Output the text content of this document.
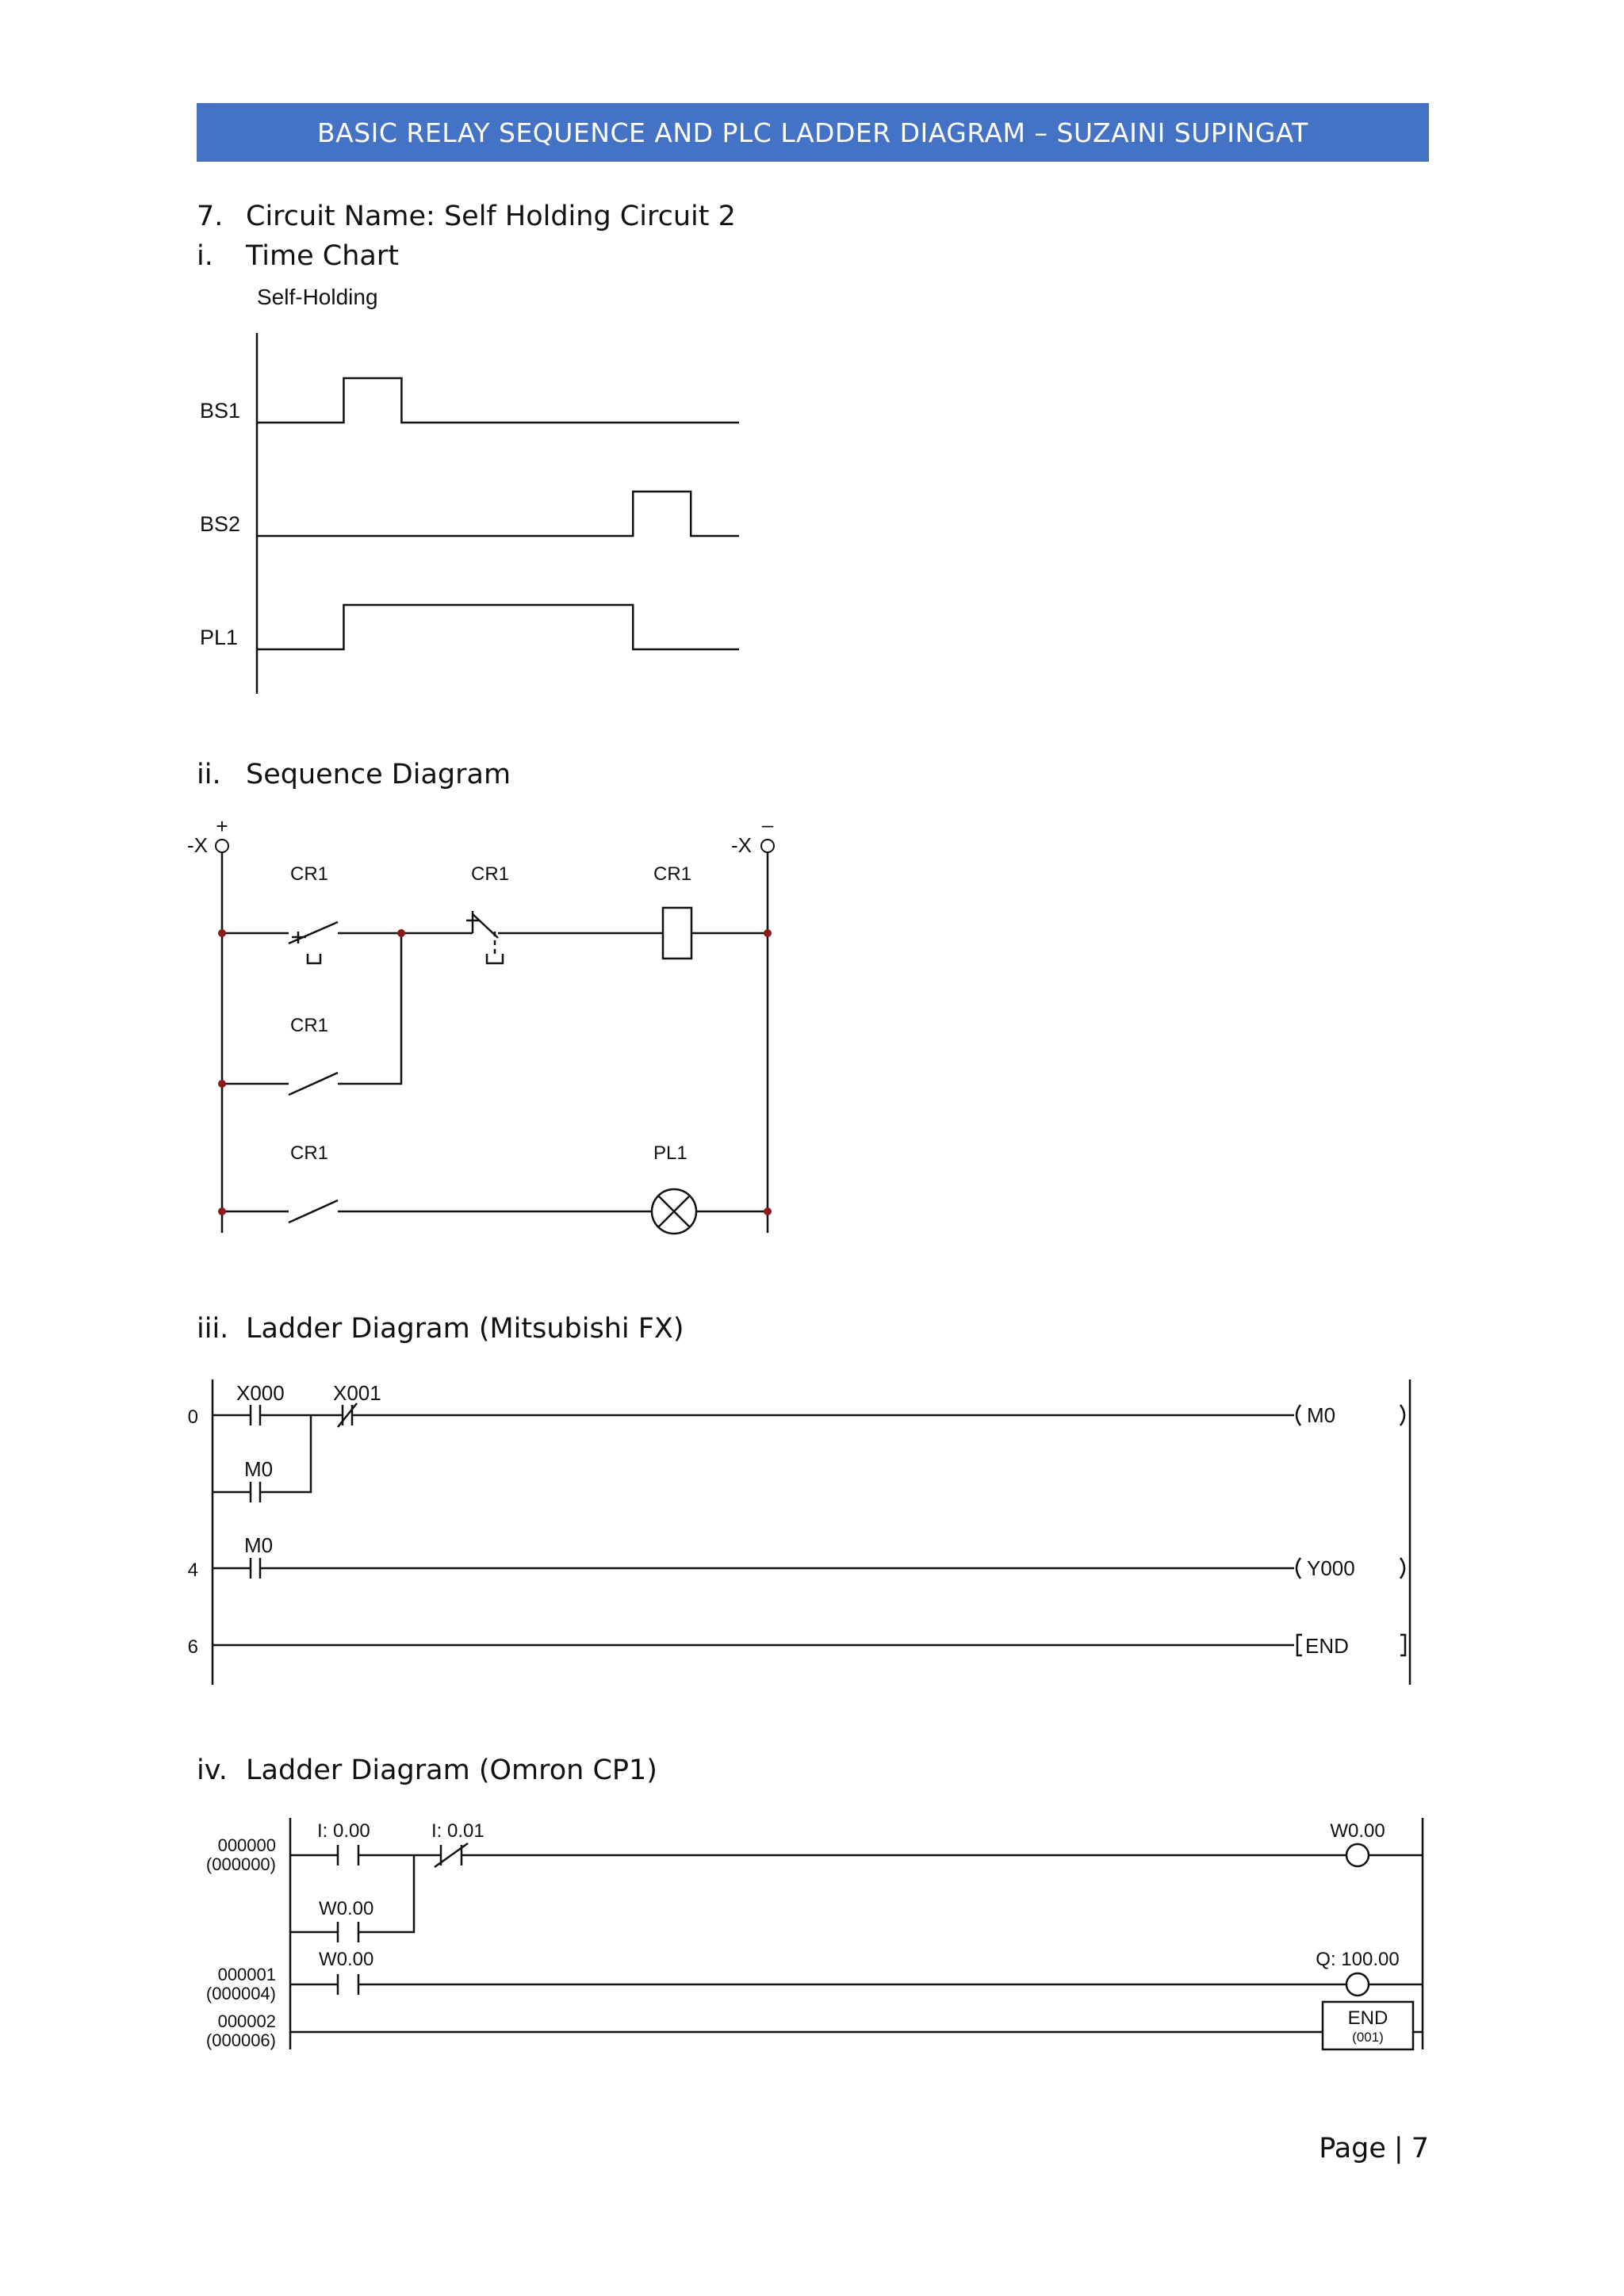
BASIC RELAY SEQUENCE AND PLC LADDER DIAGRAM – SUZAINI SUPINGAT
7. Circuit Name: Self Holding Circuit 2
i. Time Chart
Self-Holding
BS1
BS2
PL1
ii. Sequence Diagram
+	–
-X	-X
CR1	CR1	CR1
CR1
CR1	PL1
iii. Ladder Diagram (Mitsubishi FX)
0
X000 X001
M0
M0
4
M0
Y000
6	END
iv. Ladder Diagram (Omron CP1)
000000
(000000)
I: 0.00	I: 0.01
W0.00
W0.00
000001
(000004)
W0.00	Q: 100.00
000002
(000006)
END
(001)
Page | 7
